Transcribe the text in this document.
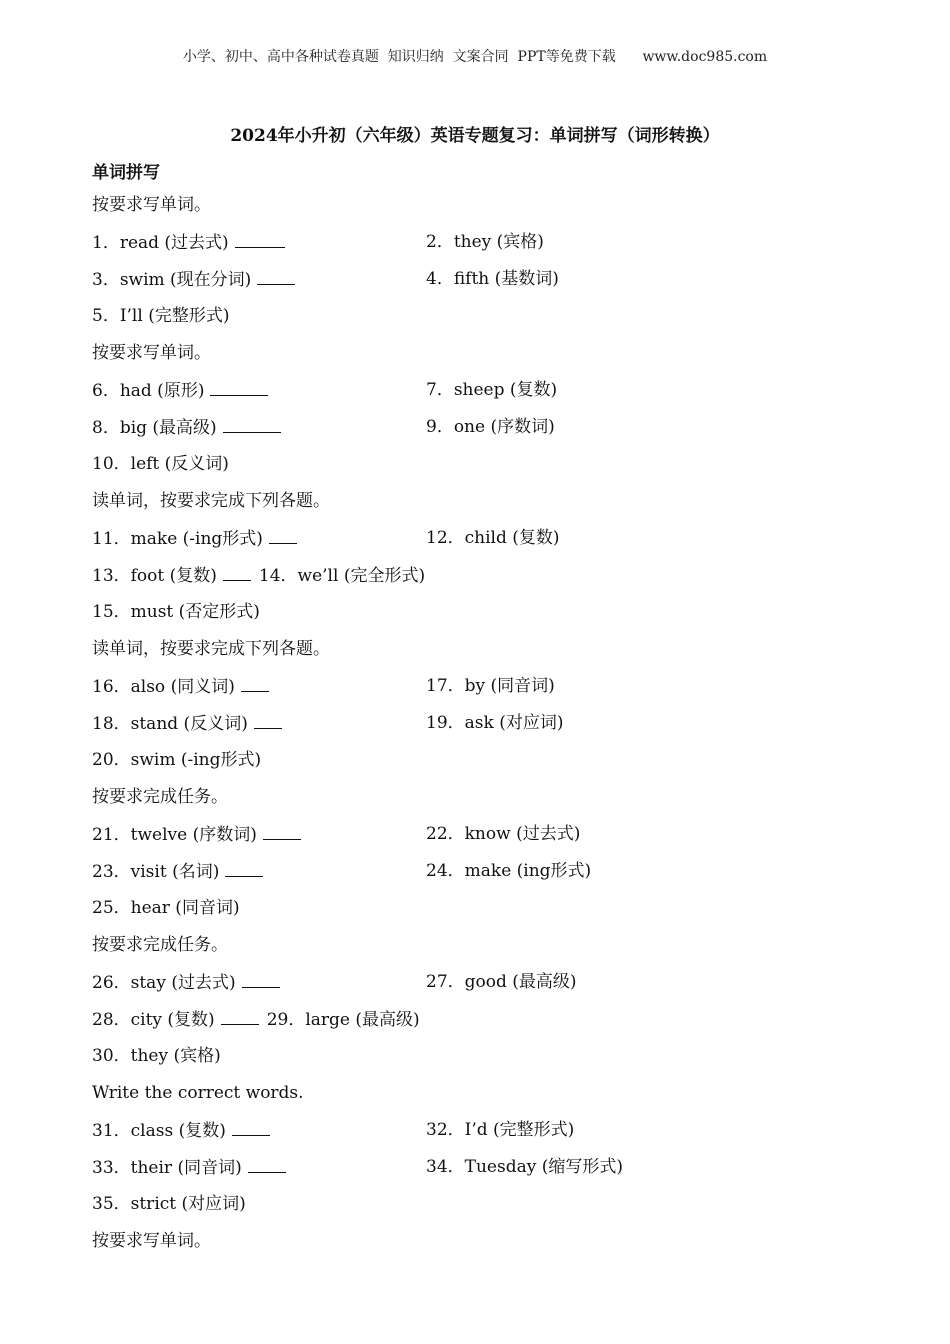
小学、初中、高中各种试卷真题  知识归纳  文案合同  PPT等免费下载      www.doc985.com
2024年小升初（六年级）英语专题复习：单词拼写（词形转换）
单词拼写
按要求写单词。
1．read (过去式)	2．they (宾格)
3．swim (现在分词)	4．fifth (基数词)
5．I’ll (完整形式)
按要求写单词。
6．had (原形)	7．sheep (复数)
8．big (最高级)	9．one (序数词)
10．left (反义词)
读单词，按要求完成下列各题。
11．make (-ing形式)	12．child (复数)
13．foot (复数) 14．we’ll (完全形式)
15．must (否定形式)
读单词，按要求完成下列各题。
16．also (同义词)	17．by (同音词)
18．stand (反义词)	19．ask (对应词)
20．swim (-ing形式)
按要求完成任务。
21．twelve (序数词)	22．know (过去式)
23．visit (名词)	24．make (ing形式)
25．hear (同音词)
按要求完成任务。
26．stay (过去式)	27．good (最高级)
28．city (复数)	29．large (最高级)
30．they (宾格)
Write the correct words.
31．class (复数)	32．I’d (完整形式)
33．their (同音词)	34．Tuesday (缩写形式)
35．strict (对应词)
按要求写单词。
